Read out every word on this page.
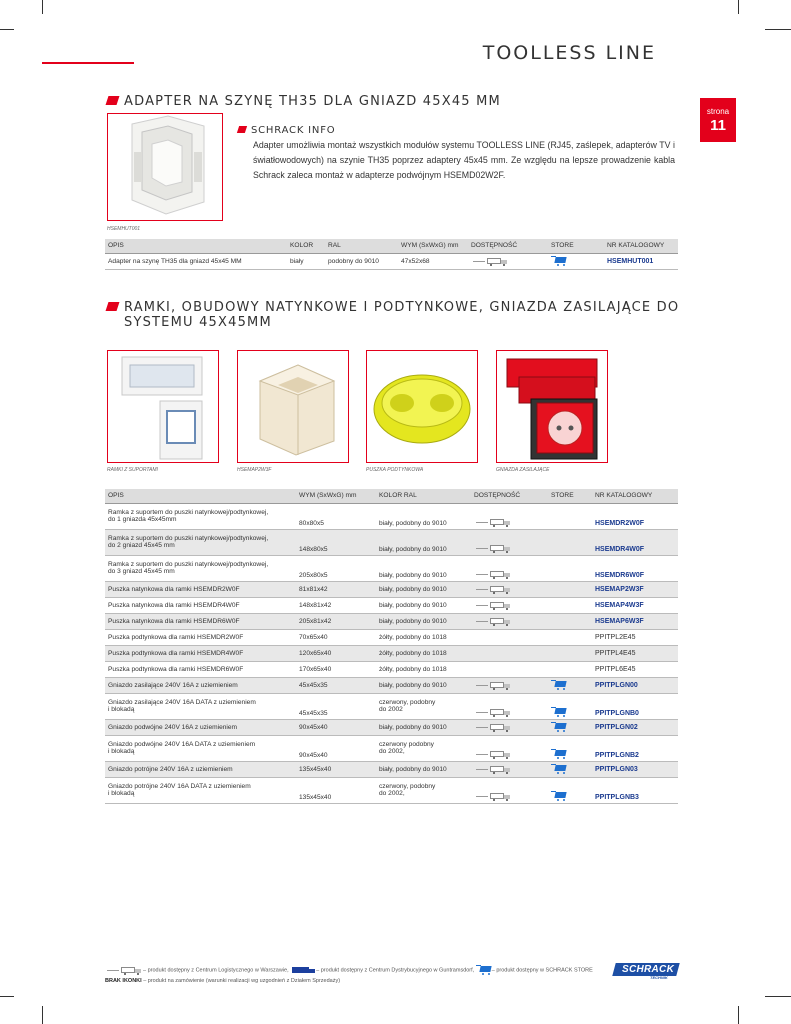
TOOLLESS LINE
strona
11
ADAPTER NA SZYNĘ TH35 DLA GNIAZD 45X45 MM
HSEMHUT001
SCHRACK INFO
Adapter umożliwia montaż wszystkich modułów systemu TOOLLESS LINE (RJ45, zaślepek, adapterów TV i światłowodowych) na szynie TH35 poprzez adaptery 45x45 mm. Ze względu na lepsze prowadzenie kabla Schrack zaleca montaż w adapterze podwójnym HSEMD02W2F.
OPIS	KOLOR	RAL	WYM (SxWxG) mm	DOSTĘPNOŚĆ	STORE	NR KATALOGOWY
Adapter na szynę TH35 dla gniazd 45x45 MM	biały	podobny do 9010	47x52x68			HSEMHUT001
RAMKI, OBUDOWY NATYNKOWE I PODTYNKOWE, GNIAZDA ZASILAJĄCE DO
SYSTEMU 45X45MM
RAMKI Z SUPORTAMI	HSEMAP2W3F	PUSZKA PODTYNKOWA	GNIAZDA ZASILAJĄCE
OPIS	WYM (SxWxG) mm	KOLOR RAL	DOSTĘPNOŚĆ	STORE	NR KATALOGOWY
Ramka z suportem do puszki natynkowej/podtynkowej,
do 1 gniazda 45x45mm	80x80x5	biały, podobny do 9010			HSEMDR2W0F
Ramka z suportem do puszki natynkowej/podtynkowej,
do 2 gniazd 45x45 mm	148x80x5	biały, podobny do 9010			HSEMDR4W0F
Ramka z suportem do puszki natynkowej/podtynkowej,
do 3 gniazd 45x45 mm	205x80x5	biały, podobny do 9010			HSEMDR6W0F
Puszka natynkowa dla ramki HSEMDR2W0F	81x81x42	biały, podobny do 9010			HSEMAP2W3F
Puszka natynkowa dla ramki HSEMDR4W0F	148x81x42	biały, podobny do 9010			HSEMAP4W3F
Puszka natynkowa dla ramki HSEMDR6W0F	205x81x42	biały, podobny do 9010			HSEMAP6W3F
Puszka podtynkowa dla ramki HSEMDR2W0F	70x65x40	żółty, podobny do 1018			PPITPL2E45
Puszka podtynkowa dla ramki HSEMDR4W0F	120x65x40	żółty, podobny do 1018			PPITPL4E45
Puszka podtynkowa dla ramki HSEMDR6W0F	170x65x40	żółty, podobny do 1018			PPITPL6E45
Gniazdo zasilające 240V 16A z uziemieniem	45x45x35	biały, podobny do 9010			PPITPLGN00
Gniazdo zasilające 240V 16A DATA z uziemieniem
i blokadą	45x45x35	czerwony, podobny
do 2002			PPITPLGNB0
Gniazdo podwójne 240V 16A z uziemieniem	90x45x40	biały, podobny do 9010			PPITPLGN02
Gniazdo podwójne 240V 16A DATA z uziemieniem
i blokadą	90x45x40	czerwony podobny
do 2002,			PPITPLGNB2
Gniazdo potrójne 240V 16A z uziemieniem	135x45x40	biały, podobny do 9010			PPITPLGN03
Gniazdo potrójne 240V 16A DATA z uziemieniem
i blokadą	135x45x40	czerwony, podobny
do 2002,			PPITPLGNB3
– produkt dostępny z Centrum Logistycznego w Warszawie,	– produkt dostępny z Centrum Dystrybucyjnego w Guntramsdorf,	– produkt dostępny w SCHRACK STORE
BRAK IKONKI – produkt na zamówienie (warunki realizacji wg uzgodnień z Działem Sprzedaży)
SCHRACK
TECHNIK
